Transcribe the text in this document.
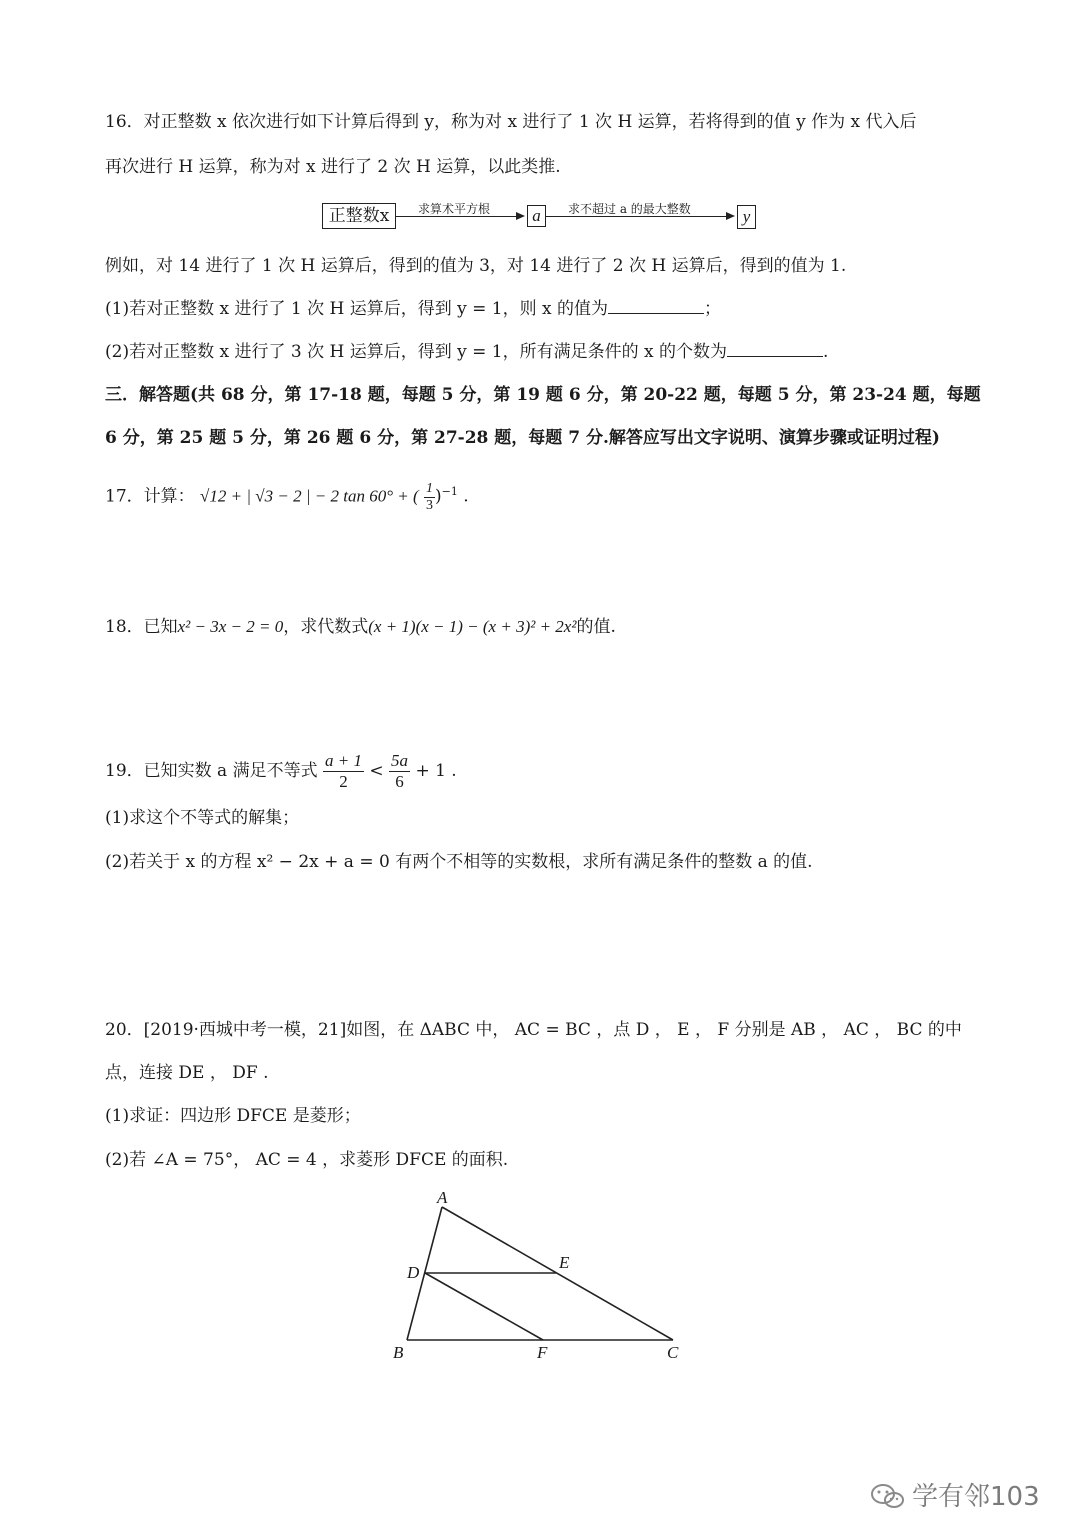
16．对正整数 x 依次进行如下计算后得到 y，称为对 x 进行了 1 次 H 运算，若将得到的值 y 作为 x 代入后
再次进行 H 运算，称为对 x 进行了 2 次 H 运算，以此类推.
正整数x	求算术平方根	a	求不超过 a 的最大整数	y
例如，对 14 进行了 1 次 H 运算后，得到的值为 3，对 14 进行了 2 次 H 运算后，得到的值为 1.
(1)若对正整数 x 进行了 1 次 H 运算后，得到 y = 1，则 x 的值为	；
(2)若对正整数 x 进行了 3 次 H 运算后，得到 y = 1，所有满足条件的 x 的个数为	.
三．解答题(共 68 分，第 17-18 题，每题 5 分，第 19 题 6 分，第 20-22 题，每题 5 分，第 23-24 题，每题
6 分，第 25 题 5 分，第 26 题 6 分，第 27-28 题，每题 7 分.解答应写出文字说明、演算步骤或证明过程)
17．计算： √12 + | √3 − 2 | − 2 tan 60° + ( $\frac{1}{3} )^{-1}$ .
18．已知x² − 3x − 2 = 0，求代数式(x + 1)(x − 1) − (x + 3)² + 2x²的值.
19．已知实数 a 满足不等式 $\frac{a + 1}{2} < \frac{5a}{6} + 1$ .
(1)求这个不等式的解集；
(2)若关于 x 的方程 x² − 2x + a = 0 有两个不相等的实数根，求所有满足条件的整数 a 的值.
20．[2019·西城中考一模，21]如图，在 ΔABC 中， AC = BC ，点 D ， E ， F 分别是 AB ， AC ， BC 的中
点，连接 DE ， DF .
(1)求证：四边形 DFCE 是菱形；
(2)若 ∠A = 75°， AC = 4 ，求菱形 DFCE 的面积.
A
B	C
D
E
F
学有邻103
